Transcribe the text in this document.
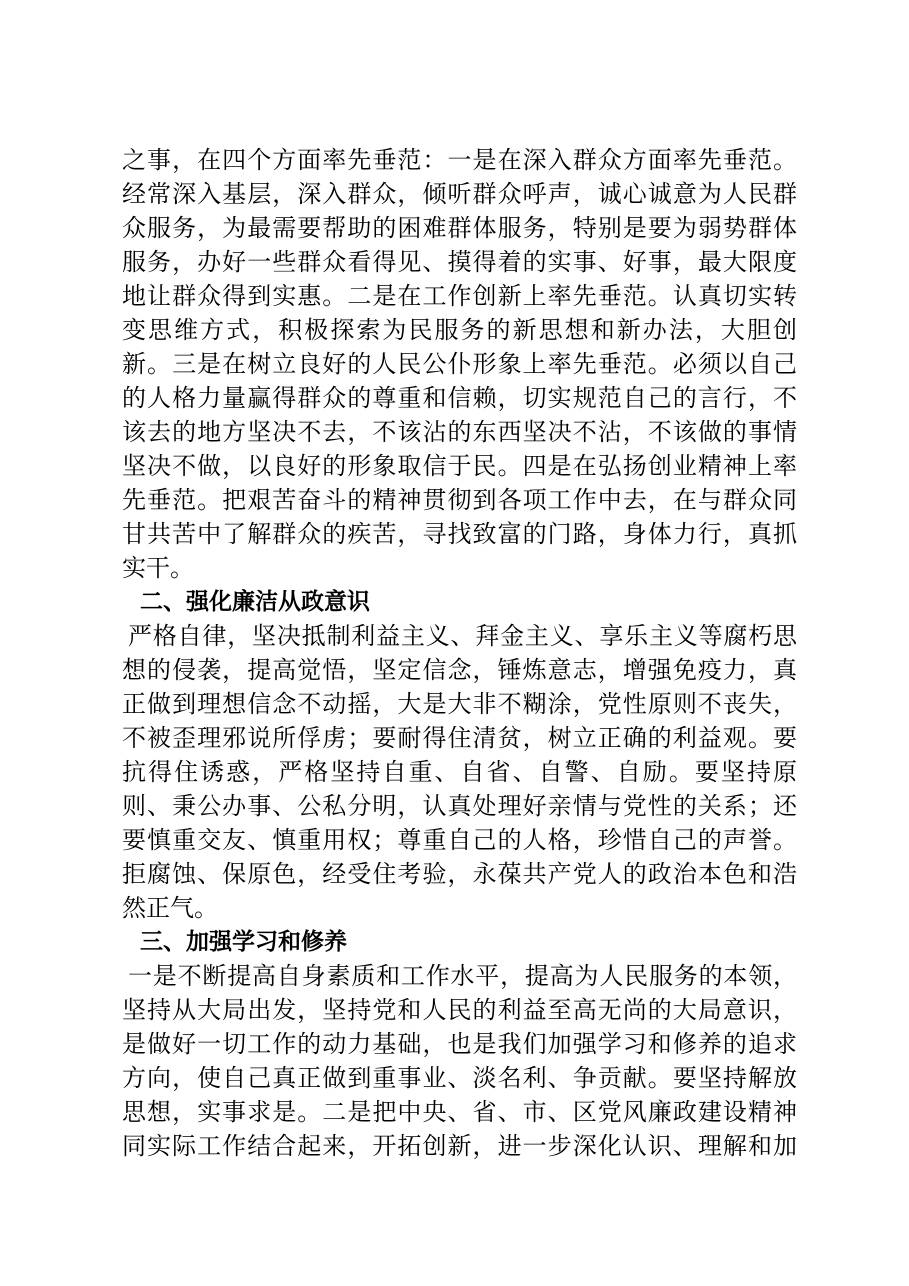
之事，在四个方面率先垂范：一是在深入群众方面率先垂范。
经常深入基层，深入群众，倾听群众呼声，诚心诚意为人民群
众服务，为最需要帮助的困难群体服务，特别是要为弱势群体
服务，办好一些群众看得见、摸得着的实事、好事，最大限度
地让群众得到实惠。二是在工作创新上率先垂范。认真切实转
变思维方式，积极探索为民服务的新思想和新办法，大胆创
新。三是在树立良好的人民公仆形象上率先垂范。必须以自己
的人格力量赢得群众的尊重和信赖，切实规范自己的言行，不
该去的地方坚决不去，不该沾的东西坚决不沾，不该做的事情
坚决不做，以良好的形象取信于民。四是在弘扬创业精神上率
先垂范。把艰苦奋斗的精神贯彻到各项工作中去，在与群众同
甘共苦中了解群众的疾苦，寻找致富的门路，身体力行，真抓
实干。
二、强化廉洁从政意识
严格自律，坚决抵制利益主义、拜金主义、享乐主义等腐朽思
想的侵袭，提高觉悟，坚定信念，锤炼意志，增强免疫力，真
正做到理想信念不动摇，大是大非不糊涂，党性原则不丧失，
不被歪理邪说所俘虏；要耐得住清贫，树立正确的利益观。要
抗得住诱惑，严格坚持自重、自省、自警、自励。要坚持原
则、秉公办事、公私分明，认真处理好亲情与党性的关系；还
要慎重交友、慎重用权；尊重自己的人格，珍惜自己的声誉。
拒腐蚀、保原色，经受住考验，永葆共产党人的政治本色和浩
然正气。
三、加强学习和修养
一是不断提高自身素质和工作水平，提高为人民服务的本领，
坚持从大局出发，坚持党和人民的利益至高无尚的大局意识，
是做好一切工作的动力基础，也是我们加强学习和修养的追求
方向，使自己真正做到重事业、淡名利、争贡献。要坚持解放
思想，实事求是。二是把中央、省、市、区党风廉政建设精神
同实际工作结合起来，开拓创新，进一步深化认识、理解和加
